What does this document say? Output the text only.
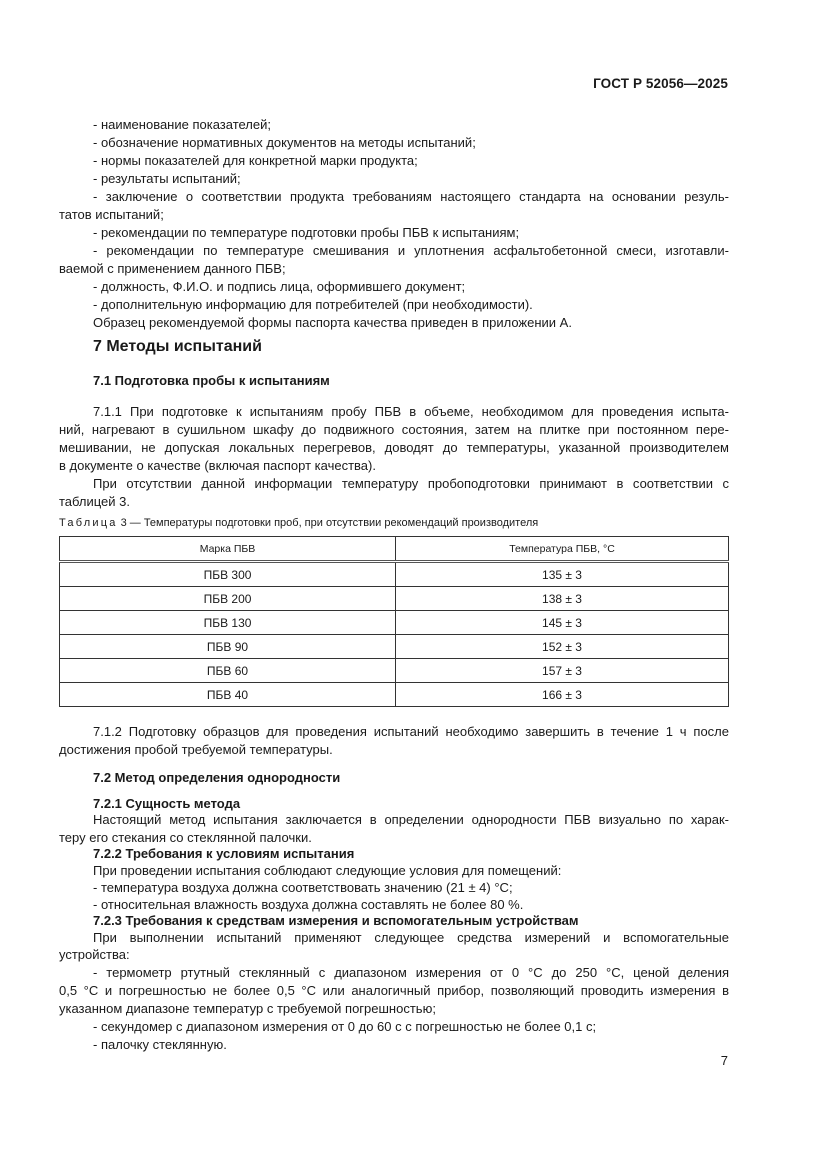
ГОСТ Р 52056—2025
- наименование показателей;
- обозначение нормативных документов на методы испытаний;
- нормы показателей для конкретной марки продукта;
- результаты испытаний;
- заключение о соответствии продукта требованиям настоящего стандарта на основании резуль-
татов испытаний;
- рекомендации по температуре подготовки пробы ПБВ к испытаниям;
- рекомендации по температуре смешивания и уплотнения асфальтобетонной смеси, изготавли-
ваемой с применением данного ПБВ;
- должность, Ф.И.О. и подпись лица, оформившего документ;
- дополнительную информацию для потребителей (при необходимости).
Образец рекомендуемой формы паспорта качества приведен в приложении А.
7 Методы испытаний
7.1 Подготовка пробы к испытаниям
7.1.1 При подготовке к испытаниям пробу ПБВ в объеме, необходимом для проведения испыта-
ний, нагревают в сушильном шкафу до подвижного состояния, затем на плитке при постоянном пере-
мешивании, не допуская локальных перегревов, доводят до температуры, указанной производителем
в документе о качестве (включая паспорт качества).
При отсутствии данной информации температуру пробоподготовки принимают в соответствии с
таблицей 3.
Таблица 3 — Температуры подготовки проб, при отсутствии рекомендаций производителя
Марка ПБВ	Температура ПБВ, °С
ПБВ 300	135 ± 3
ПБВ 200	138 ± 3
ПБВ 130	145 ± 3
ПБВ 90	152 ± 3
ПБВ 60	157 ± 3
ПБВ 40	166 ± 3
7.1.2 Подготовку образцов для проведения испытаний необходимо завершить в течение 1 ч после
достижения пробой требуемой температуры.
7.2 Метод определения однородности
7.2.1 Сущность метода
Настоящий метод испытания заключается в определении однородности ПБВ визуально по харак-
теру его стекания со стеклянной палочки.
7.2.2 Требования к условиям испытания
При проведении испытания соблюдают следующие условия для помещений:
- температура воздуха должна соответствовать значению (21 ± 4) °С;
- относительная влажность воздуха должна составлять не более 80 %.
7.2.3 Требования к средствам измерения и вспомогательным устройствам
При выполнении испытаний применяют следующее средства измерений и вспомогательные
устройства:
- термометр ртутный стеклянный с диапазоном измерения от 0 °С до 250 °С, ценой деления
0,5 °С и погрешностью не более 0,5 °С или аналогичный прибор, позволяющий проводить измерения в
указанном диапазоне температур с требуемой погрешностью;
- секундомер с диапазоном измерения от 0 до 60 с с погрешностью не более 0,1 с;
- палочку стеклянную.
7
